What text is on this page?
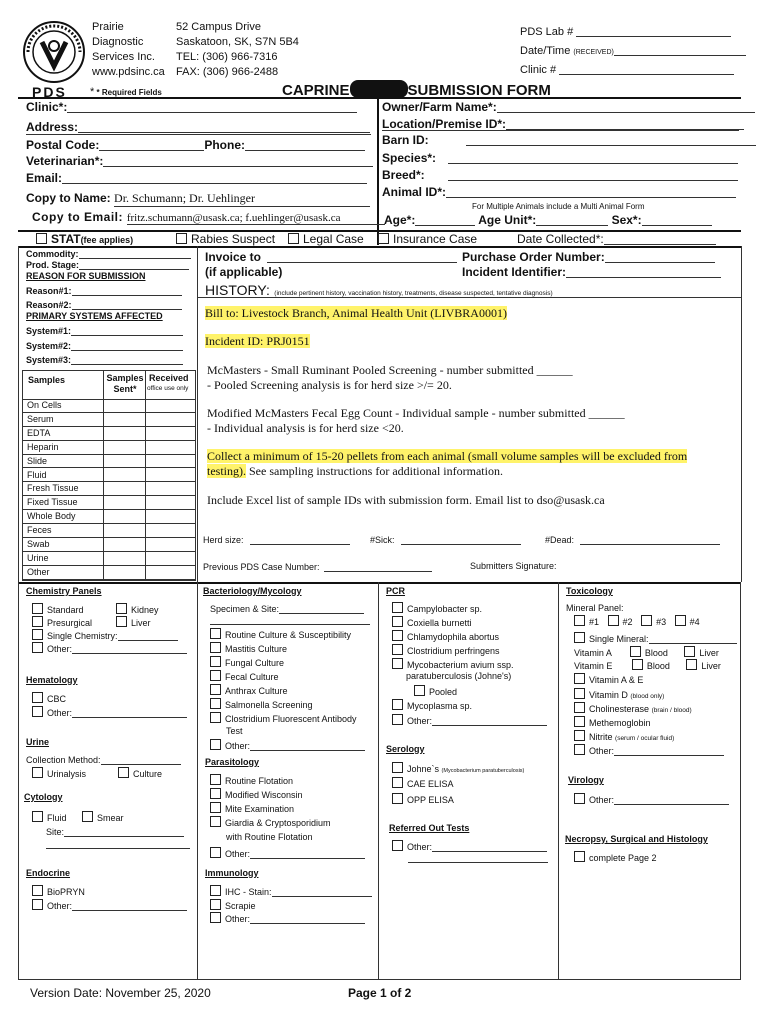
PDS
Prairie
Diagnostic
Services Inc.
www.pdsinc.ca
52 Campus Drive
Saskatoon, SK, S7N 5B4
TEL: (306) 966-7316
FAX: (306) 966-2488
PDS Lab #
Date/Time (RECEIVED)
Clinic #
* * Required Fields	CAPRINE	SUBMISSION FORM
Clinic*:
Address:
Postal Code:	Phone:
Veterinarian*:
Email:
Copy to Name: Dr. Schumann; Dr. Uehlinger
Copy to Email: fritz.schumann@usask.ca; f.uehlinger@usask.ca
Owner/Farm Name*:
Location/Premise ID*:
Barn ID:
Species*:
Breed*:
Animal ID*:
For Multiple Animals include a Multi Animal Form
Age*:	Age Unit*:	Sex*:
STAT(fee applies)	Rabies Suspect	Legal Case	Insurance Case	Date Collected*:
Commodity:
Prod. Stage:
REASON FOR SUBMISSION
Reason#1:
Reason#2:
PRIMARY SYSTEMS AFFECTED
System#1:
System#2:
System#3:
Samples	Samples Sent*
Received
office use only
On Cells
Serum
EDTA
Heparin
Slide
Fluid
Fresh Tissue
Fixed Tissue
Whole Body
Feces
Swab
Urine
Other
Invoice to	Purchase Order Number:
(if applicable)	Incident Identifier:
HISTORY: (include pertinent history, vaccination history, treatments, disease suspected, tentative diagnosis)
Bill to: Livestock Branch, Animal Health Unit (LIVBRA0001)
Incident ID: PRJ0151
McMasters - Small Ruminant Pooled Screening - number submitted ______
- Pooled Screening analysis is for herd size >/= 20.
Modified McMasters Fecal Egg Count - Individual sample - number submitted ______
- Individual analysis is for herd size <20.
Collect a minimum of 15-20 pellets from each animal (small volume samples will be excluded from
testing). See sampling instructions for additional information.
Include Excel list of sample IDs with submission form. Email list to dso@usask.ca
Herd size:	#Sick:	#Dead:
Previous PDS Case Number:	Submitters Signature:
Chemistry Panels
Standard	Kidney
Presurgical	Liver
Single Chemistry:
Other:
Hematology
CBC
Other:
Urine
Collection Method:
Urinalysis	Culture
Cytology
Fluid	Smear
Site:
Endocrine
BioPRYN
Other:
Bacteriology/Mycology
Specimen & Site:
Routine Culture & Susceptibility
Mastitis Culture
Fungal Culture
Fecal Culture
Anthrax Culture
Salmonella Screening
Clostridium Fluorescent Antibody
Test
Other:
Parasitology
Routine Flotation
Modified Wisconsin
Mite Examination
Giardia & Cryptosporidium
with Routine Flotation
Other:
Immunology
IHC - Stain:
Scrapie
Other:
PCR
Campylobacter sp.
Coxiella burnetti
Chlamydophila abortus
Clostridium perfringens
Mycobacterium avium ssp.
paratuberculosis (Johne's)
Pooled
Mycoplasma sp.
Other:
Serology
Johne`s (Mycobacterium paratuberculosis)
CAE ELISA
OPP ELISA
Referred Out Tests
Other:
Toxicology
Mineral Panel:
#1	#2	#3	#4
Single Mineral:
Vitamin A	Blood	Liver
Vitamin E	Blood	Liver
Vitamin A & E
Vitamin D (blood only)
Cholinesterase (brain / blood)
Methemoglobin
Nitrite (serum / ocular fluid)
Other:
Virology
Other:
Necropsy, Surgical and Histology
complete Page 2
Version Date: November 25, 2020	Page 1 of 2
